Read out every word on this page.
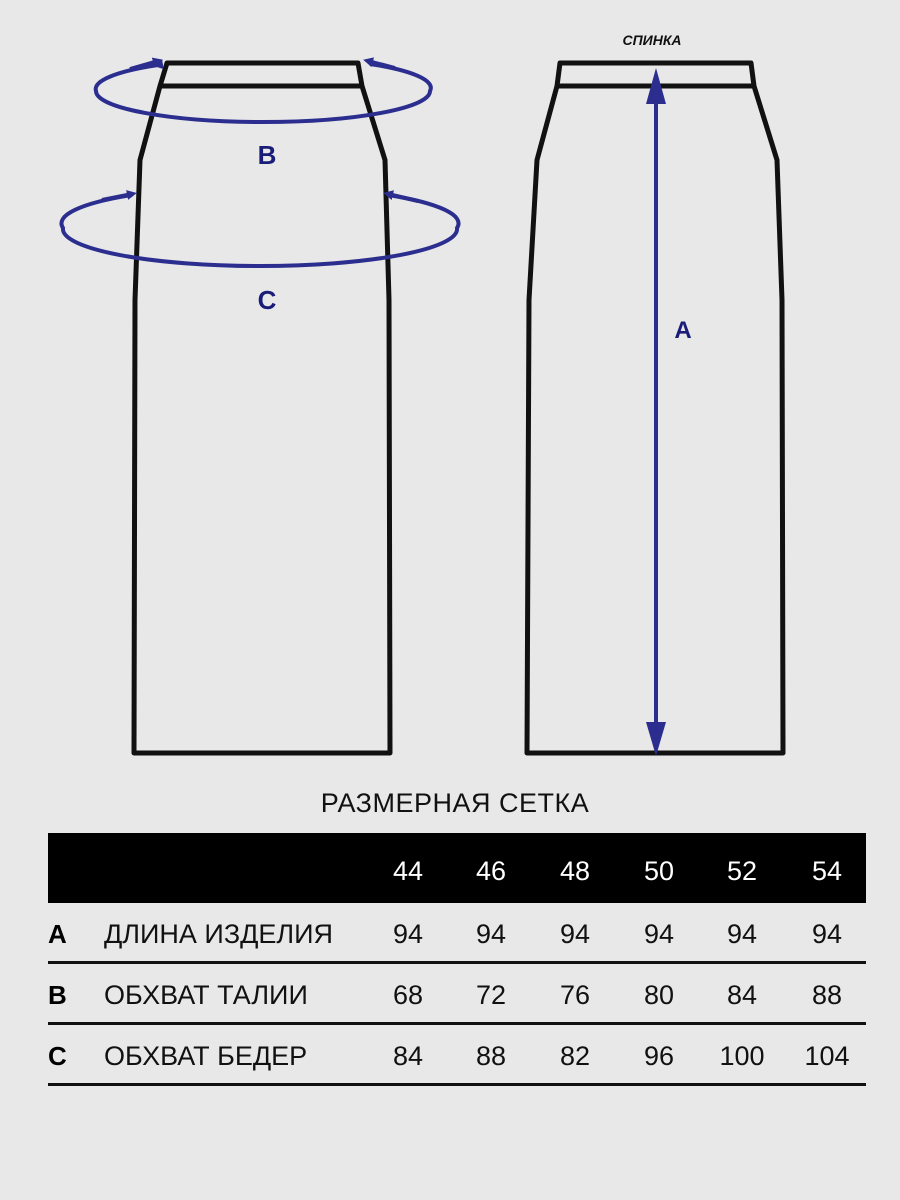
B
C
СПИНКА
A
РАЗМЕРНАЯ СЕТКА
44	46	48	50	52	54
A ДЛИНА ИЗДЕЛИЯ	94	94	94	94	94	94
B ОБХВАТ ТАЛИИ	68	72	76	80	84	88
C ОБХВАТ БЕДЕР	84	88	82	96	100	104
